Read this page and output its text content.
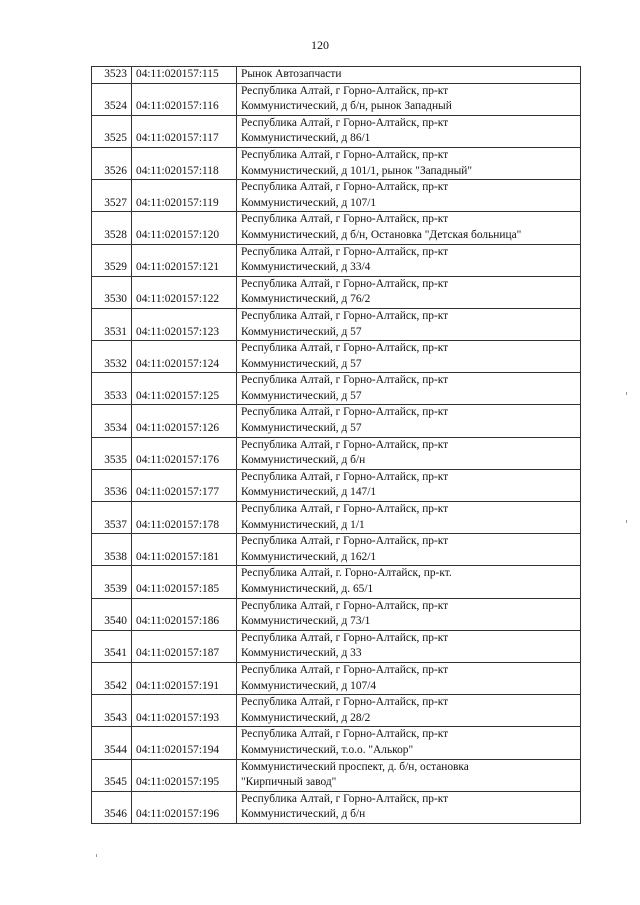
120
3523	04:11:020157:115	Рынок Автозапчасти

3524	04:11:020157:116	Республика Алтай, г Горно-Алтайск, пр-кт
Коммунистический, д б/н, рынок Западный

3525	04:11:020157:117	Республика Алтай, г Горно-Алтайск, пр-кт
Коммунистический, д 86/1

3526	04:11:020157:118	Республика Алтай, г Горно-Алтайск, пр-кт
Коммунистический, д 101/1, рынок "Западный"

3527	04:11:020157:119	Республика Алтай, г Горно-Алтайск, пр-кт
Коммунистический, д 107/1

3528	04:11:020157:120	Республика Алтай, г Горно-Алтайск, пр-кт
Коммунистический, д б/н, Остановка "Детская больница"

3529	04:11:020157:121	Республика Алтай, г Горно-Алтайск, пр-кт
Коммунистический, д 33/4

3530	04:11:020157:122	Республика Алтай, г Горно-Алтайск, пр-кт
Коммунистический, д 76/2

3531	04:11:020157:123	Республика Алтай, г Горно-Алтайск, пр-кт
Коммунистический, д 57

3532	04:11:020157:124	Республика Алтай, г Горно-Алтайск, пр-кт
Коммунистический, д 57

3533	04:11:020157:125	Республика Алтай, г Горно-Алтайск, пр-кт
Коммунистический, д 57

3534	04:11:020157:126	Республика Алтай, г Горно-Алтайск, пр-кт
Коммунистический, д 57

3535	04:11:020157:176	Республика Алтай, г Горно-Алтайск, пр-кт
Коммунистический, д б/н

3536	04:11:020157:177	Республика Алтай, г Горно-Алтайск, пр-кт
Коммунистический, д 147/1

3537	04:11:020157:178	Республика Алтай, г Горно-Алтайск, пр-кт
Коммунистический, д 1/1

3538	04:11:020157:181	Республика Алтай, г Горно-Алтайск, пр-кт
Коммунистический, д 162/1

3539	04:11:020157:185	Республика Алтай, г. Горно-Алтайск, пр-кт.
Коммунистический, д. 65/1

3540	04:11:020157:186	Республика Алтай, г Горно-Алтайск, пр-кт
Коммунистический, д 73/1

3541	04:11:020157:187	Республика Алтай, г Горно-Алтайск, пр-кт
Коммунистический, д 33

3542	04:11:020157:191	Республика Алтай, г Горно-Алтайск, пр-кт
Коммунистический, д 107/4

3543	04:11:020157:193	Республика Алтай, г Горно-Алтайск, пр-кт
Коммунистический, д 28/2

3544	04:11:020157:194	Республика Алтай, г Горно-Алтайск, пр-кт
Коммунистический, т.о.о. "Алькор"

3545	04:11:020157:195	Коммунистический проспект, д. б/н, остановка
"Кирпичный завод"

3546	04:11:020157:196	Республика Алтай, г Горно-Алтайск, пр-кт
Коммунистический, д б/н
